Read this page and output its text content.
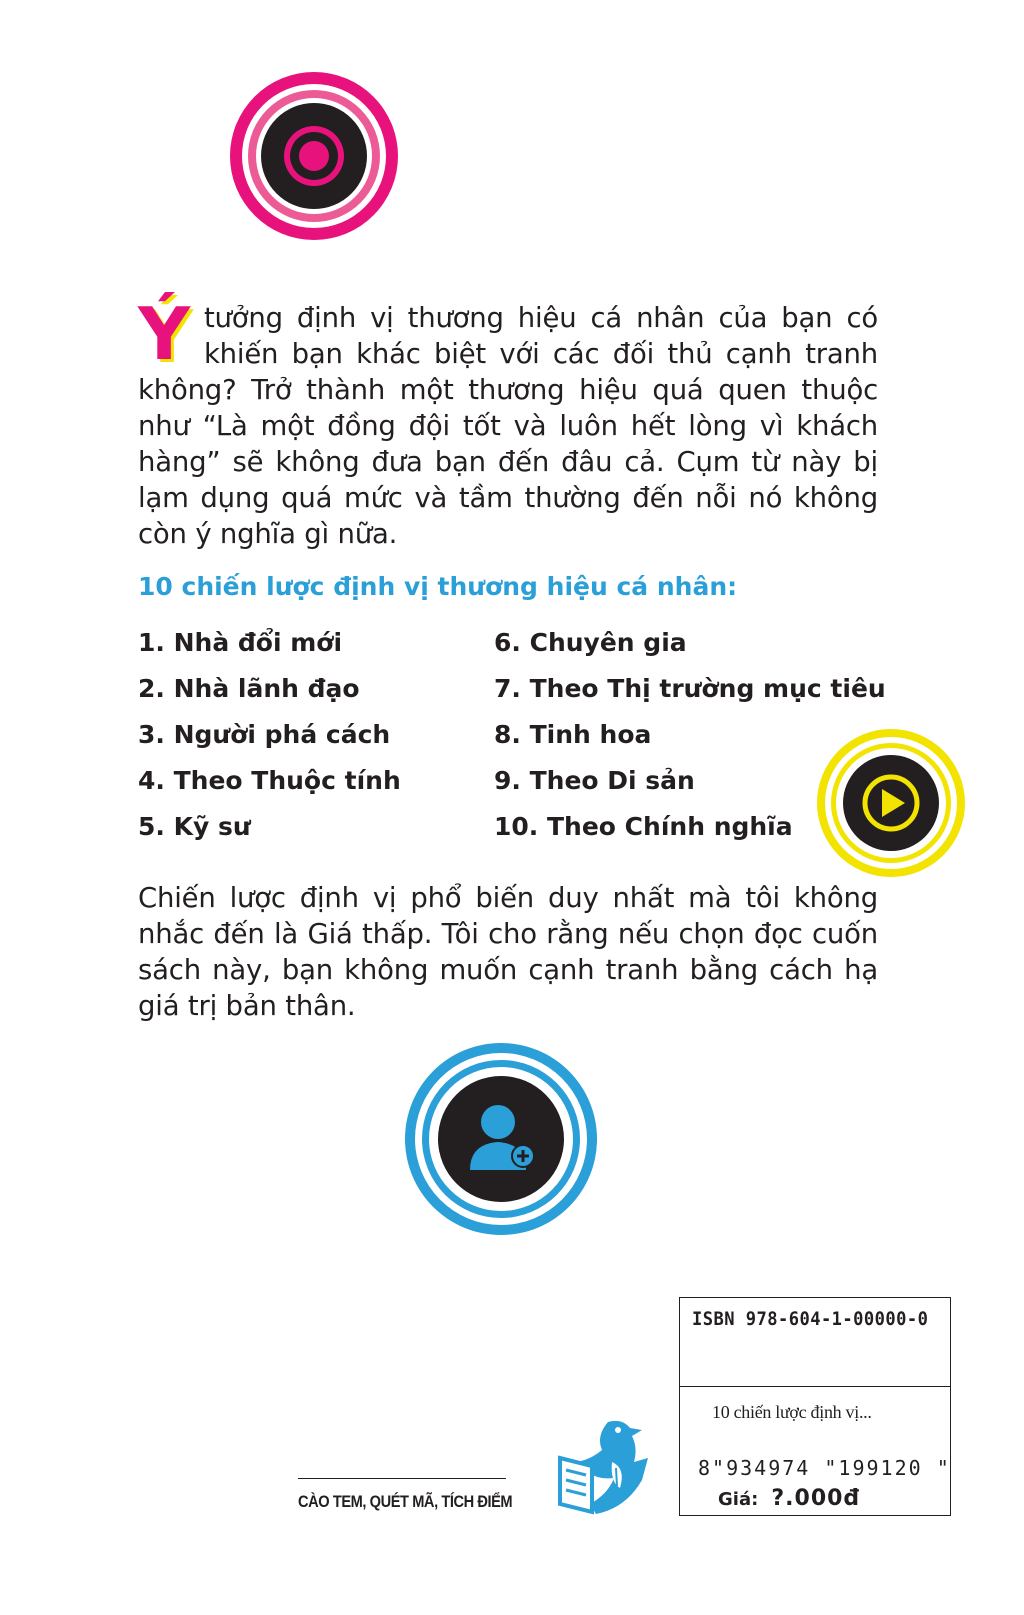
Ý tưởng định vị thương hiệu cá nhân của bạn có khiến bạn khác biệt với các đối thủ cạnh tranh không? Trở thành một thương hiệu quá quen thuộc như “Là một đồng đội tốt và luôn hết lòng vì khách hàng” sẽ không đưa bạn đến đâu cả. Cụm từ này bị lạm dụng quá mức và tầm thường đến nỗi nó không còn ý nghĩa gì nữa.
10 chiến lược định vị thương hiệu cá nhân:
1. Nhà đổi mới
2. Nhà lãnh đạo
3. Người phá cách
4. Theo Thuộc tính
5. Kỹ sư
6. Chuyên gia
7. Theo Thị trường mục tiêu
8. Tinh hoa
9. Theo Di sản
10. Theo Chính nghĩa
Chiến lược định vị phổ biến duy nhất mà tôi không nhắc đến là Giá thấp. Tôi cho rằng nếu chọn đọc cuốn sách này, bạn không muốn cạnh tranh bằng cách hạ giá trị bản thân.
CÀO TEM, QUÉT MÃ, TÍCH ĐIỂM
ISBN 978-604-1-00000-0
10 chiến lược định vị...
8"934974 "199120 "
Giá: ?.000đ
